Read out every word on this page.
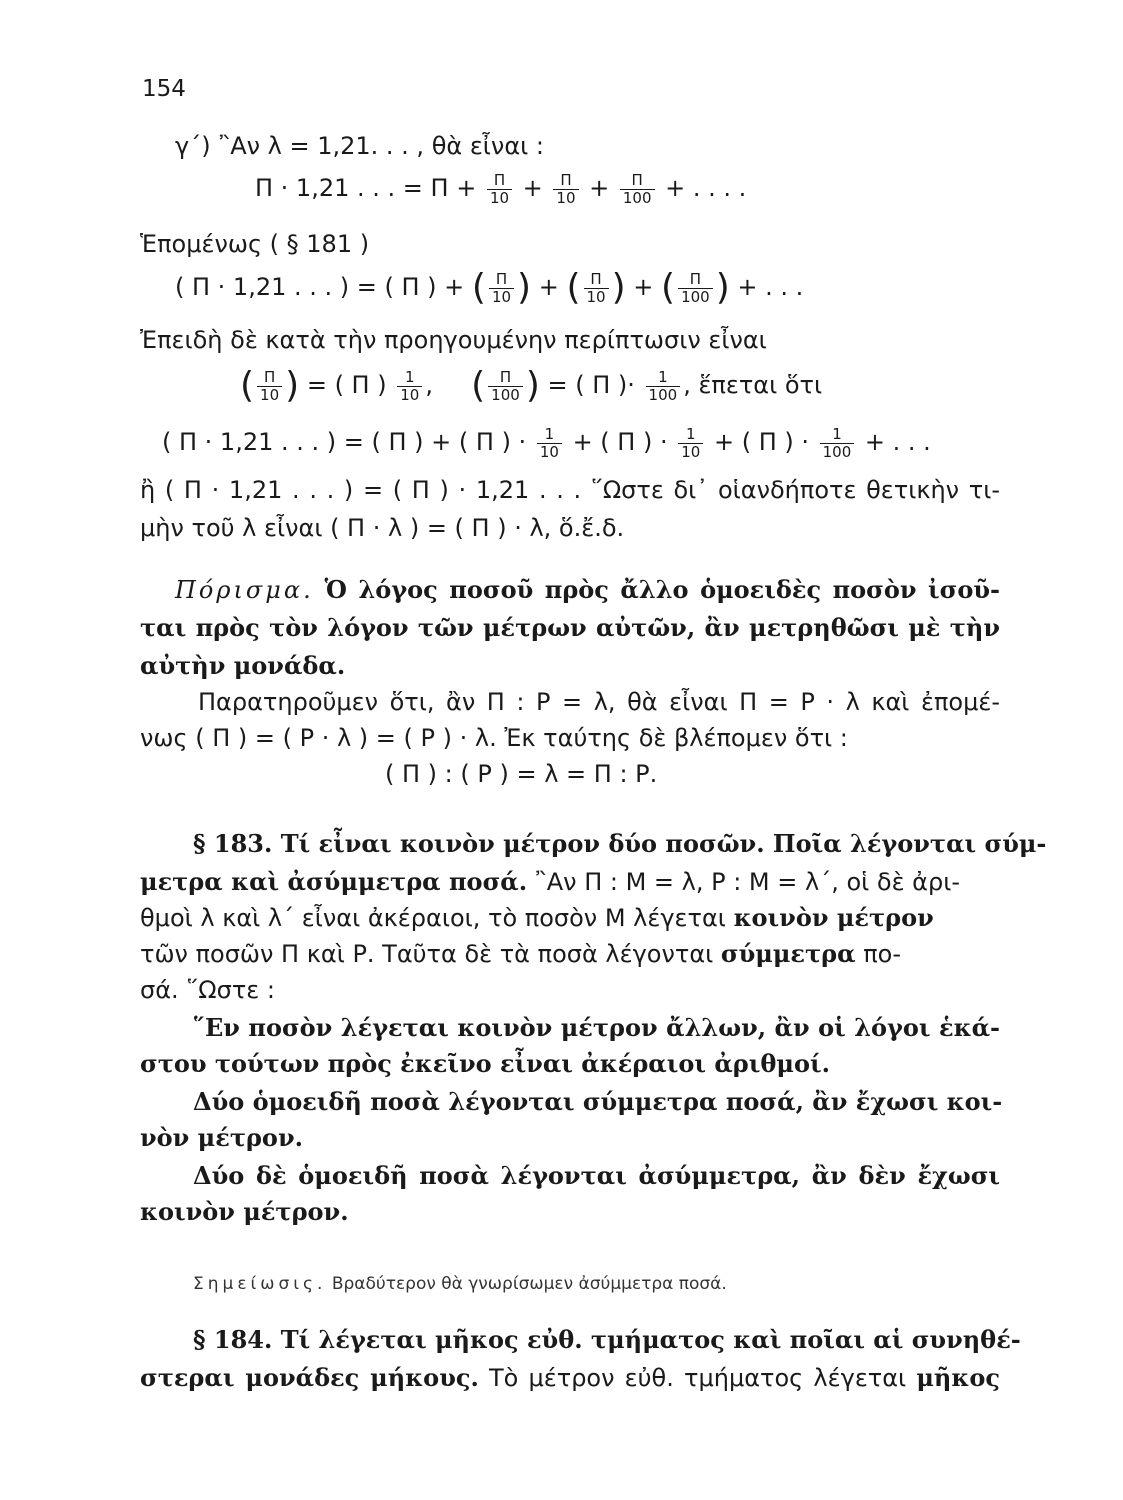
154
γ΄) ῍Αν λ = 1,21. . . , θὰ εἶναι :
Π · 1,21 . . . = $\Pi + \frac{\Pi}{10} + \frac{\Pi}{10} + \frac{\Pi}{100}$ + . . . .
Ἑπομένως ( § 181 )
( Π · 1,21 . . . ) = ( Π ) + ( $\frac{\Pi}{10}$ ) + ( $\frac{\Pi}{10}$ ) + ( $\frac{\Pi}{100}$ ) + . . .
Ἐπειδὴ δὲ κατὰ τὴν προηγουμένην περίπτωσιν εἶναι
( $\frac{\Pi}{10}$ ) = ( Π ) $\frac{1}{10}$ ,     ( $\frac{\Pi}{100}$ ) = ( Π )· $\frac{1}{100}$ , ἕπεται ὅτι
( Π · 1,21 . . . ) = ( Π ) + ( Π ) · $\frac{1}{10}$ + ( Π ) · $\frac{1}{10}$ + ( Π ) · $\frac{1}{100}$ + . . .
ἢ ( Π · 1,21 . . . ) = ( Π ) · 1,21 . . . ῞Ωστε δι᾽ οἱανδήποτε θετικὴν τι-
μὴν τοῦ λ εἶναι ( Π · λ ) = ( Π ) · λ, ὅ.ἔ.δ.
Πόρισμα. Ὁ λόγος ποσοῦ πρὸς ἄλλο ὁμοειδὲς ποσὸν ἰσοῦ-
ται πρὸς τὸν λόγον τῶν μέτρων αὐτῶν, ἂν μετρηθῶσι μὲ τὴν
αὐτὴν μονάδα.
Παρατηροῦμεν ὅτι, ἂν Π : Ρ = λ, θὰ εἶναι Π = Ρ · λ καὶ ἐπομέ-
νως ( Π ) = ( Ρ · λ ) = ( Ρ ) · λ. Ἐκ ταύτης δὲ βλέπομεν ὅτι :
( Π ) : ( Ρ ) = λ = Π : Ρ.
§ 183. Τί εἶναι κοινὸν μέτρον δύο ποσῶν. Ποῖα λέγονται σύμ-
μετρα καὶ ἀσύμμετρα ποσά. ῍Αν Π : Μ = λ, Ρ : Μ = λ΄, οἱ δὲ ἀρι-
θμοὶ λ καὶ λ΄ εἶναι ἀκέραιοι, τὸ ποσὸν Μ λέγεται κοινὸν μέτρον
τῶν ποσῶν Π καὶ Ρ. Ταῦτα δὲ τὰ ποσὰ λέγονται σύμμετρα πο-
σά. ῞Ωστε :
῞Εν ποσὸν λέγεται κοινὸν μέτρον ἄλλων, ἂν οἱ λόγοι ἑκά-
στου τούτων πρὸς ἐκεῖνο εἶναι ἀκέραιοι ἀριθμοί.
Δύο ὁμοειδῆ ποσὰ λέγονται σύμμετρα ποσά, ἂν ἔχωσι κοι-
νὸν μέτρον.
Δύο δὲ ὁμοειδῆ ποσὰ λέγονται ἀσύμμετρα, ἂν δὲν ἔχωσι
κοινὸν μέτρον.
Σημείωσις. Βραδύτερον θὰ γνωρίσωμεν ἀσύμμετρα ποσά.
§ 184. Τί λέγεται μῆκος εὐθ. τμήματος καὶ ποῖαι αἱ συνηθέ-
στεραι μονάδες μήκους. Τὸ μέτρον εὐθ. τμήματος λέγεται μῆκος
